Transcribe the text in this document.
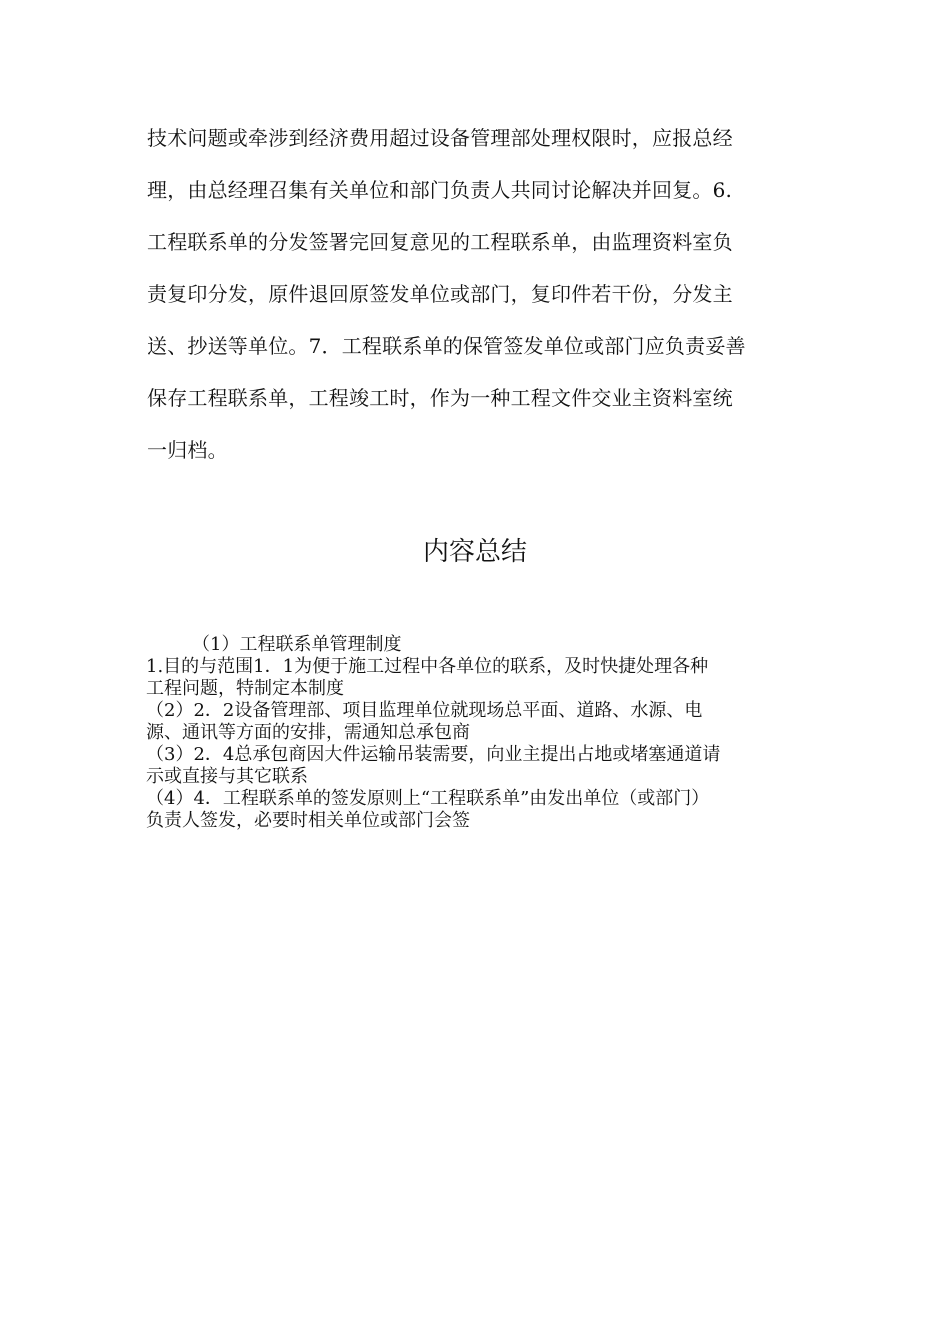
技术问题或牵涉到经济费用超过设备管理部处理权限时，应报总经
理，由总经理召集有关单位和部门负责人共同讨论解决并回复。6.
工程联系单的分发签署完回复意见的工程联系单，由监理资料室负
责复印分发，原件退回原签发单位或部门，复印件若干份，分发主
送、抄送等单位。7．工程联系单的保管签发单位或部门应负责妥善
保存工程联系单，工程竣工时，作为一种工程文件交业主资料室统
一归档。
内容总结
（1）工程联系单管理制度
1.目的与范围1．1为便于施工过程中各单位的联系，及时快捷处理各种
工程问题，特制定本制度
（2）2．2设备管理部、项目监理单位就现场总平面、道路、水源、电
源、通讯等方面的安排，需通知总承包商
（3）2．4总承包商因大件运输吊装需要，向业主提出占地或堵塞通道请
示或直接与其它联系
（4）4．工程联系单的签发原则上“工程联系单”由发出单位（或部门）
负责人签发，必要时相关单位或部门会签
